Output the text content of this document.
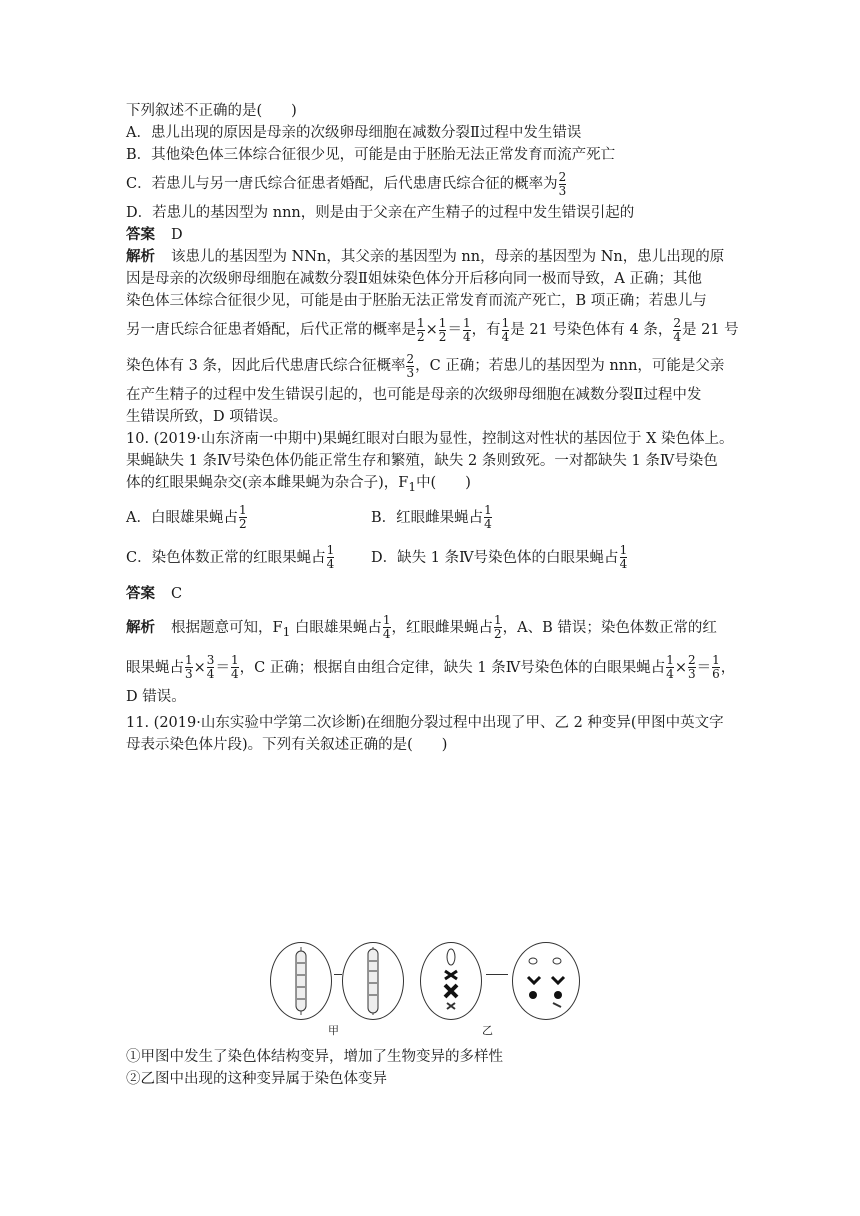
下列叙述不正确的是(　　)
A．患儿出现的原因是母亲的次级卵母细胞在减数分裂Ⅱ过程中发生错误
B．其他染色体三体综合征很少见，可能是由于胚胎无法正常发育而流产死亡
C．若患儿与另一唐氏综合征患者婚配，后代患唐氏综合征的概率为 $\frac{2}{3}$
D．若患儿的基因型为 nnn，则是由于父亲在产生精子的过程中发生错误引起的
答案 D
解析 该患儿的基因型为 NNn，其父亲的基因型为 nn，母亲的基因型为 Nn，患儿出现的原
因是母亲的次级卵母细胞在减数分裂Ⅱ姐妹染色体分开后移向同一极而导致，A 正确；其他
染色体三体综合征很少见，可能是由于胚胎无法正常发育而流产死亡，B 项正确；若患儿与
另一唐氏综合征患者婚配，后代正常的概率是 $\frac{1}{2} \times \frac{1}{2} = \frac{1}{4}$ ，有 $\frac{1}{4}$ 是 21 号染色体有 4 条， $\frac{2}{4}$ 是 21 号
染色体有 3 条，因此后代患唐氏综合征概率 $\frac{2}{3}$ ，C 正确；若患儿的基因型为 nnn，可能是父亲
在产生精子的过程中发生错误引起的，也可能是母亲的次级卵母细胞在减数分裂Ⅱ过程中发
生错误所致，D 项错误。
10. (2019·山东济南一中期中)果蝇红眼对白眼为显性，控制这对性状的基因位于 X 染色体上。
果蝇缺失 1 条Ⅳ号染色体仍能正常生存和繁殖，缺失 2 条则致死。一对都缺失 1 条Ⅳ号染色
体的红眼果蝇杂交(亲本雌果蝇为杂合子)，$F_1$中(　　)
A．白眼雄果蝇占 $\frac{1}{2}$	B．红眼雌果蝇占 $\frac{1}{4}$
C．染色体数正常的红眼果蝇占 $\frac{1}{4}$	D．缺失 1 条Ⅳ号染色体的白眼果蝇占 $\frac{1}{4}$
答案 C
解析 根据题意可知，$F_1$ 白眼雄果蝇占 $\frac{1}{4}$ ，红眼雌果蝇占 $\frac{1}{2}$ ，A、B 错误；染色体数正常的红
眼果蝇占 $\frac{1}{3} \times \frac{3}{4} = \frac{1}{4}$ ，C 正确；根据自由组合定律，缺失 1 条Ⅳ号染色体的白眼果蝇占 $\frac{1}{4} \times \frac{2}{3} = \frac{1}{6}$ ，
D 错误。
11. (2019·山东实验中学第二次诊断)在细胞分裂过程中出现了甲、乙 2 种变异(甲图中英文字
母表示染色体片段)。下列有关叙述正确的是(　　)
甲	乙
①甲图中发生了染色体结构变异，增加了生物变异的多样性
②乙图中出现的这种变异属于染色体变异
